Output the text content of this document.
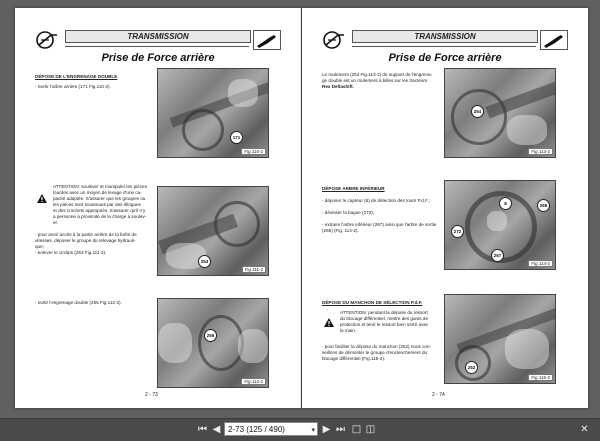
TRANSMISSION
Prise de Force arrière
DÉPOSE DE L'ENGRENAGE DOUBLE
- Sortir l'arbre arrière (171 Fig.110-2).
171
Fig.110-2
ATTENTION: soulever et manipuler les pièces
lourdes avec un moyen de levage d'une ca-
pacité adaptée. S'assurer que les groupes ou
les pièces sont soutenues par des élingues
et des crochets appropriés. S'assurer qu'il n'y
a personne à proximité de la charge à soulev-
er.
- pour avoir accès à la partie arrière de la boîte de
vitesses, déposer le groupe du relevage hydrauli-
que;
- enlever le circlips (253 Fig.111-2).
253
Fig.111-2
- sortir l'engrenage double (255 Fig.112-2).
255
Fig.112-2
2 - 73
TRANSMISSION
Prise de Force arrière
Le roulement (254 Fig.113-2) de support de l'engrena-
ge double est un roulement à billes sur les tracteurs
Rex Deltashift.
254
Fig.113-2
DÉPOSE ARBRE INFÉRIEUR
- déposer le capteur (8) de détection des tours P.d.F.;

- dévisser la bague (272);

- extraire l'arbre inférieur (267) ainsi que l'arbre de sortie
(265) (Fig. 114-2).
8	265
272
267
Fig.114-2
DÉPOSE DU MANCHON DE SÉLECTION P.d.F.
ATTENTION: pendant la dépose du ressort
du blocage différentiel, mettre des gants de
protection et tenir le ressort bien serré avec
la main.
- pour faciliter la dépose du manchon (252) nous con-
seillons de démonter le groupe d'enclenchement du
blocage différentiel (Fig.115-2).
252
Fig.115-2
2 - 74
⏮ ◀ 2-73 (125 / 490)	▾ ▶ ⏭ □ ◫	✕
